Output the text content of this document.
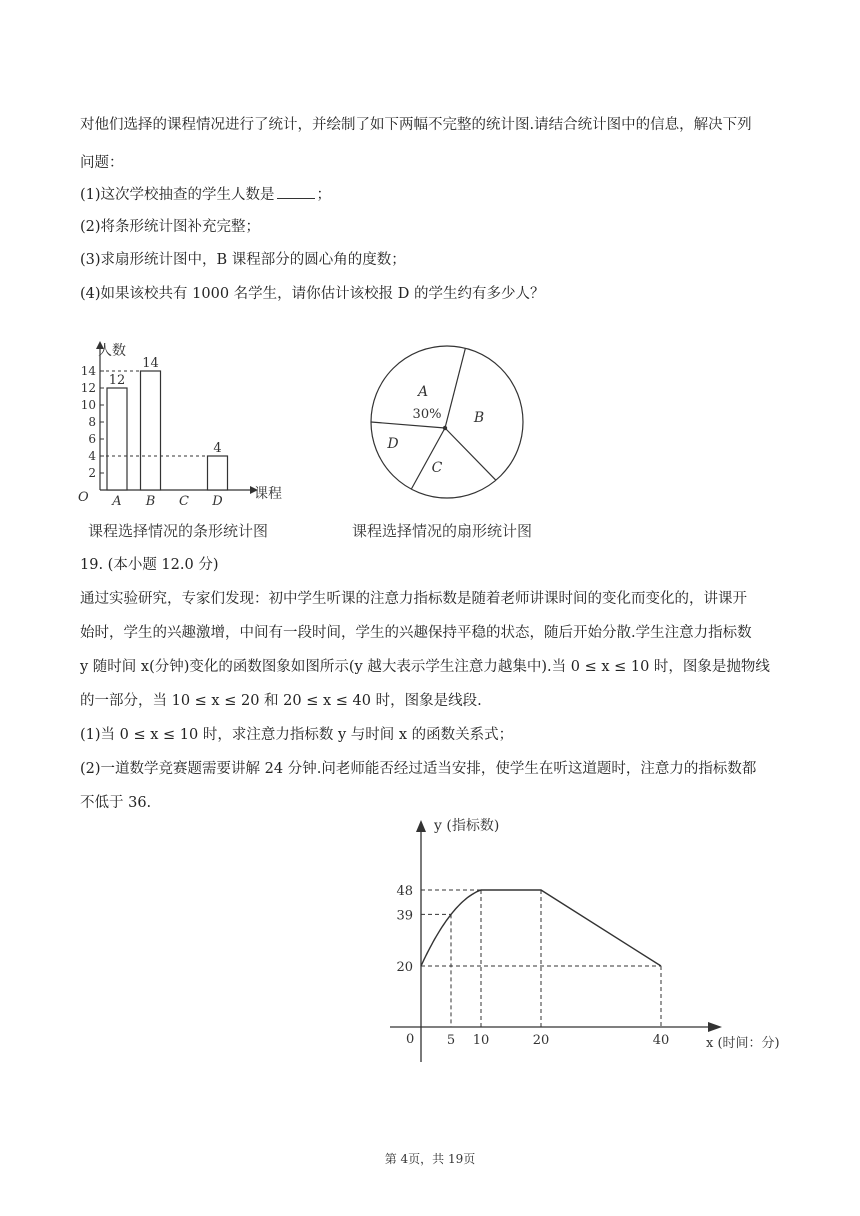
对他们选择的课程情况进行了统计，并绘制了如下两幅不完整的统计图.请结合统计图中的信息，解决下列
问题：
(1)这次学校抽查的学生人数是	；
(2)将条形统计图补充完整；
(3)求扇形统计图中，B 课程部分的圆心角的度数；
(4)如果该校共有 1000 名学生，请你估计该校报 D 的学生约有多少人？
2
4
6
8
10
12
14
A
12
B
14
C D
4
人数
课程
O
课程选择情况的条形统计图
A
B
C
D
30%
课程选择情况的扇形统计图
19. (本小题 12.0 分)
通过实验研究，专家们发现：初中学生听课的注意力指标数是随着老师讲课时间的变化而变化的，讲课开
始时，学生的兴趣激增，中间有一段时间，学生的兴趣保持平稳的状态，随后开始分散.学生注意力指标数
y 随时间 x(分钟)变化的函数图象如图所示(y 越大表示学生注意力越集中).当 0 ≤ x ≤ 10 时，图象是抛物线
的一部分，当 10 ≤ x ≤ 20 和 20 ≤ x ≤ 40 时，图象是线段.
(1)当 0 ≤ x ≤ 10 时，求注意力指标数 y 与时间 x 的函数关系式；
(2)一道数学竞赛题需要讲解 24 分钟.问老师能否经过适当安排，使学生在听这道题时，注意力的指标数都
不低于 36.
20
39
48
5 10	20	40
y (指标数)
x (时间：分)
0
第 4页，共 19页
